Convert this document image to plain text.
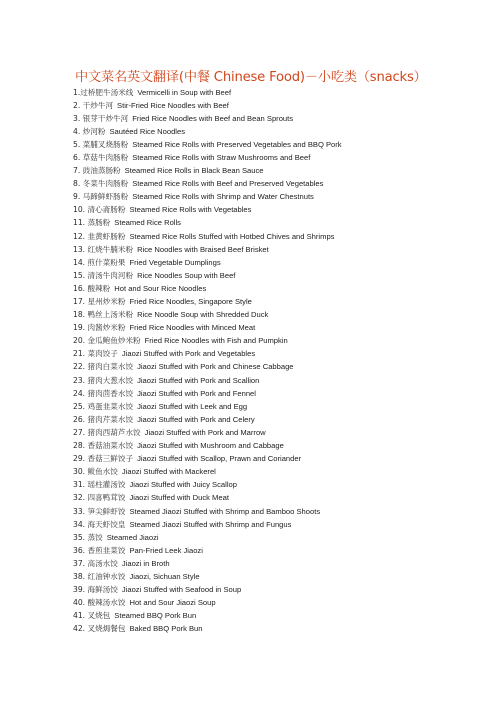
中文菜名英文翻译(中餐 Chinese Food)－小吃类（snacks）
1.过桥肥牛汤米线 Vermicelli in Soup with Beef
2. 干炒牛河 Stir-Fried Rice Noodles with Beef
3. 银芽干炒牛河 Fried Rice Noodles with Beef and Bean Sprouts
4. 炒河粉 Sautéed Rice Noodles
5. 菜脯叉烧肠粉 Steamed Rice Rolls with Preserved Vegetables and BBQ Pork
6. 草菇牛肉肠粉 Steamed Rice Rolls with Straw Mushrooms and Beef
7. 豉油蒸肠粉 Steamed Rice Rolls in Black Bean Sauce
8. 冬菜牛肉肠粉 Steamed Rice Rolls with Beef and Preserved Vegetables
9. 马蹄鲜虾肠粉 Steamed Rice Rolls with Shrimp and Water Chestnuts
10. 清心斋肠粉 Steamed Rice Rolls with Vegetables
11. 蒸肠粉 Steamed Rice Rolls
12. 韭黄虾肠粉 Steamed Rice Rolls Stuffed with Hotbed Chives and Shrimps
13. 红烧牛腩米粉 Rice Noodles with Braised Beef Brisket
14. 煎什菜粉果 Fried Vegetable Dumplings
15. 清汤牛肉河粉 Rice Noodles Soup with Beef
16. 酸辣粉 Hot and Sour Rice Noodles
17. 星州炒米粉 Fried Rice Noodles, Singapore Style
18. 鸭丝上汤米粉 Rice Noodle Soup with Shredded Duck
19. 肉酱炒米粉 Fried Rice Noodles with Minced Meat
20. 金瓜鲍鱼炒米粉 Fried Rice Noodles with Fish and Pumpkin
21. 菜肉饺子 Jiaozi Stuffed with Pork and Vegetables
22. 猪肉白菜水饺 Jiaozi Stuffed with Pork and Chinese Cabbage
23. 猪肉大葱水饺 Jiaozi Stuffed with Pork and Scallion
24. 猪肉茴香水饺 Jiaozi Stuffed with Pork and Fennel
25. 鸡蛋韭菜水饺 Jiaozi Stuffed with Leek and Egg
26. 猪肉芹菜水饺 Jiaozi Stuffed with Pork and Celery
27. 猪肉西葫芦水饺 Jiaozi Stuffed with Pork and Marrow
28. 香菇油菜水饺 Jiaozi Stuffed with Mushroom and Cabbage
29. 香菇三鲜饺子 Jiaozi Stuffed with Scallop, Prawn and Coriander
30. 鲅鱼水饺 Jiaozi Stuffed with Mackerel
31. 瑶柱灌汤饺 Jiaozi Stuffed with Juicy Scallop
32. 四喜鸭茸饺 Jiaozi Stuffed with Duck Meat
33. 笋尖鲜虾饺 Steamed Jiaozi Stuffed with Shrimp and Bamboo Shoots
34. 海天虾饺皇 Steamed Jiaozi Stuffed with Shrimp and Fungus
35. 蒸饺 Steamed Jiaozi
36. 香煎韭菜饺 Pan-Fried Leek Jiaozi
37. 高汤水饺 Jiaozi in Broth
38. 红油钟水饺 Jiaozi, Sichuan Style
39. 海鲜汤饺 Jiaozi Stuffed with Seafood in Soup
40. 酸辣汤水饺 Hot and Sour Jiaozi Soup
41. 叉烧包 Steamed BBQ Pork Bun
42. 叉烧焗餐包 Baked BBQ Pork Bun
